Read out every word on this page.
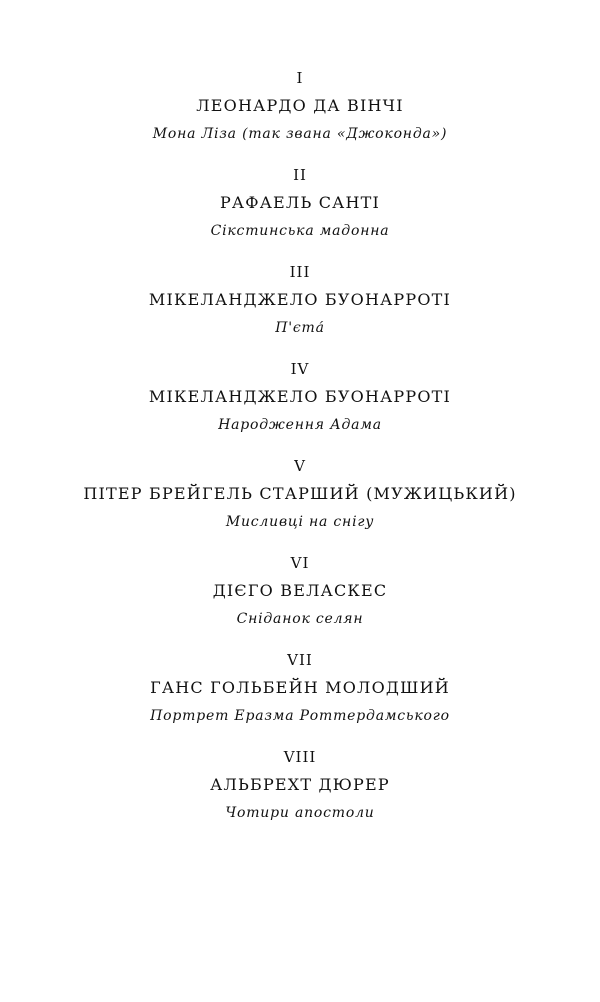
I
ЛЕОНАРДО ДА ВІНЧІ
Мона Ліза (так звана «Джоконда»)
II
РАФАЕЛЬ САНТІ
Сікстинська мадонна
III
МІКЕЛАНДЖЕЛО БУОНАРРОТІ
П'єта́
IV
МІКЕЛАНДЖЕЛО БУОНАРРОТІ
Народження Адама
V
ПІТЕР БРЕЙГЕЛЬ СТАРШИЙ (МУЖИЦЬКИЙ)
Мисливці на снігу
VI
ДІЄГО ВЕЛАСКЕС
Сніданок селян
VII
ГАНС ГОЛЬБЕЙН МОЛОДШИЙ
Портрет Еразма Роттердамського
VIII
АЛЬБРЕХТ ДЮРЕР
Чотири апостоли
